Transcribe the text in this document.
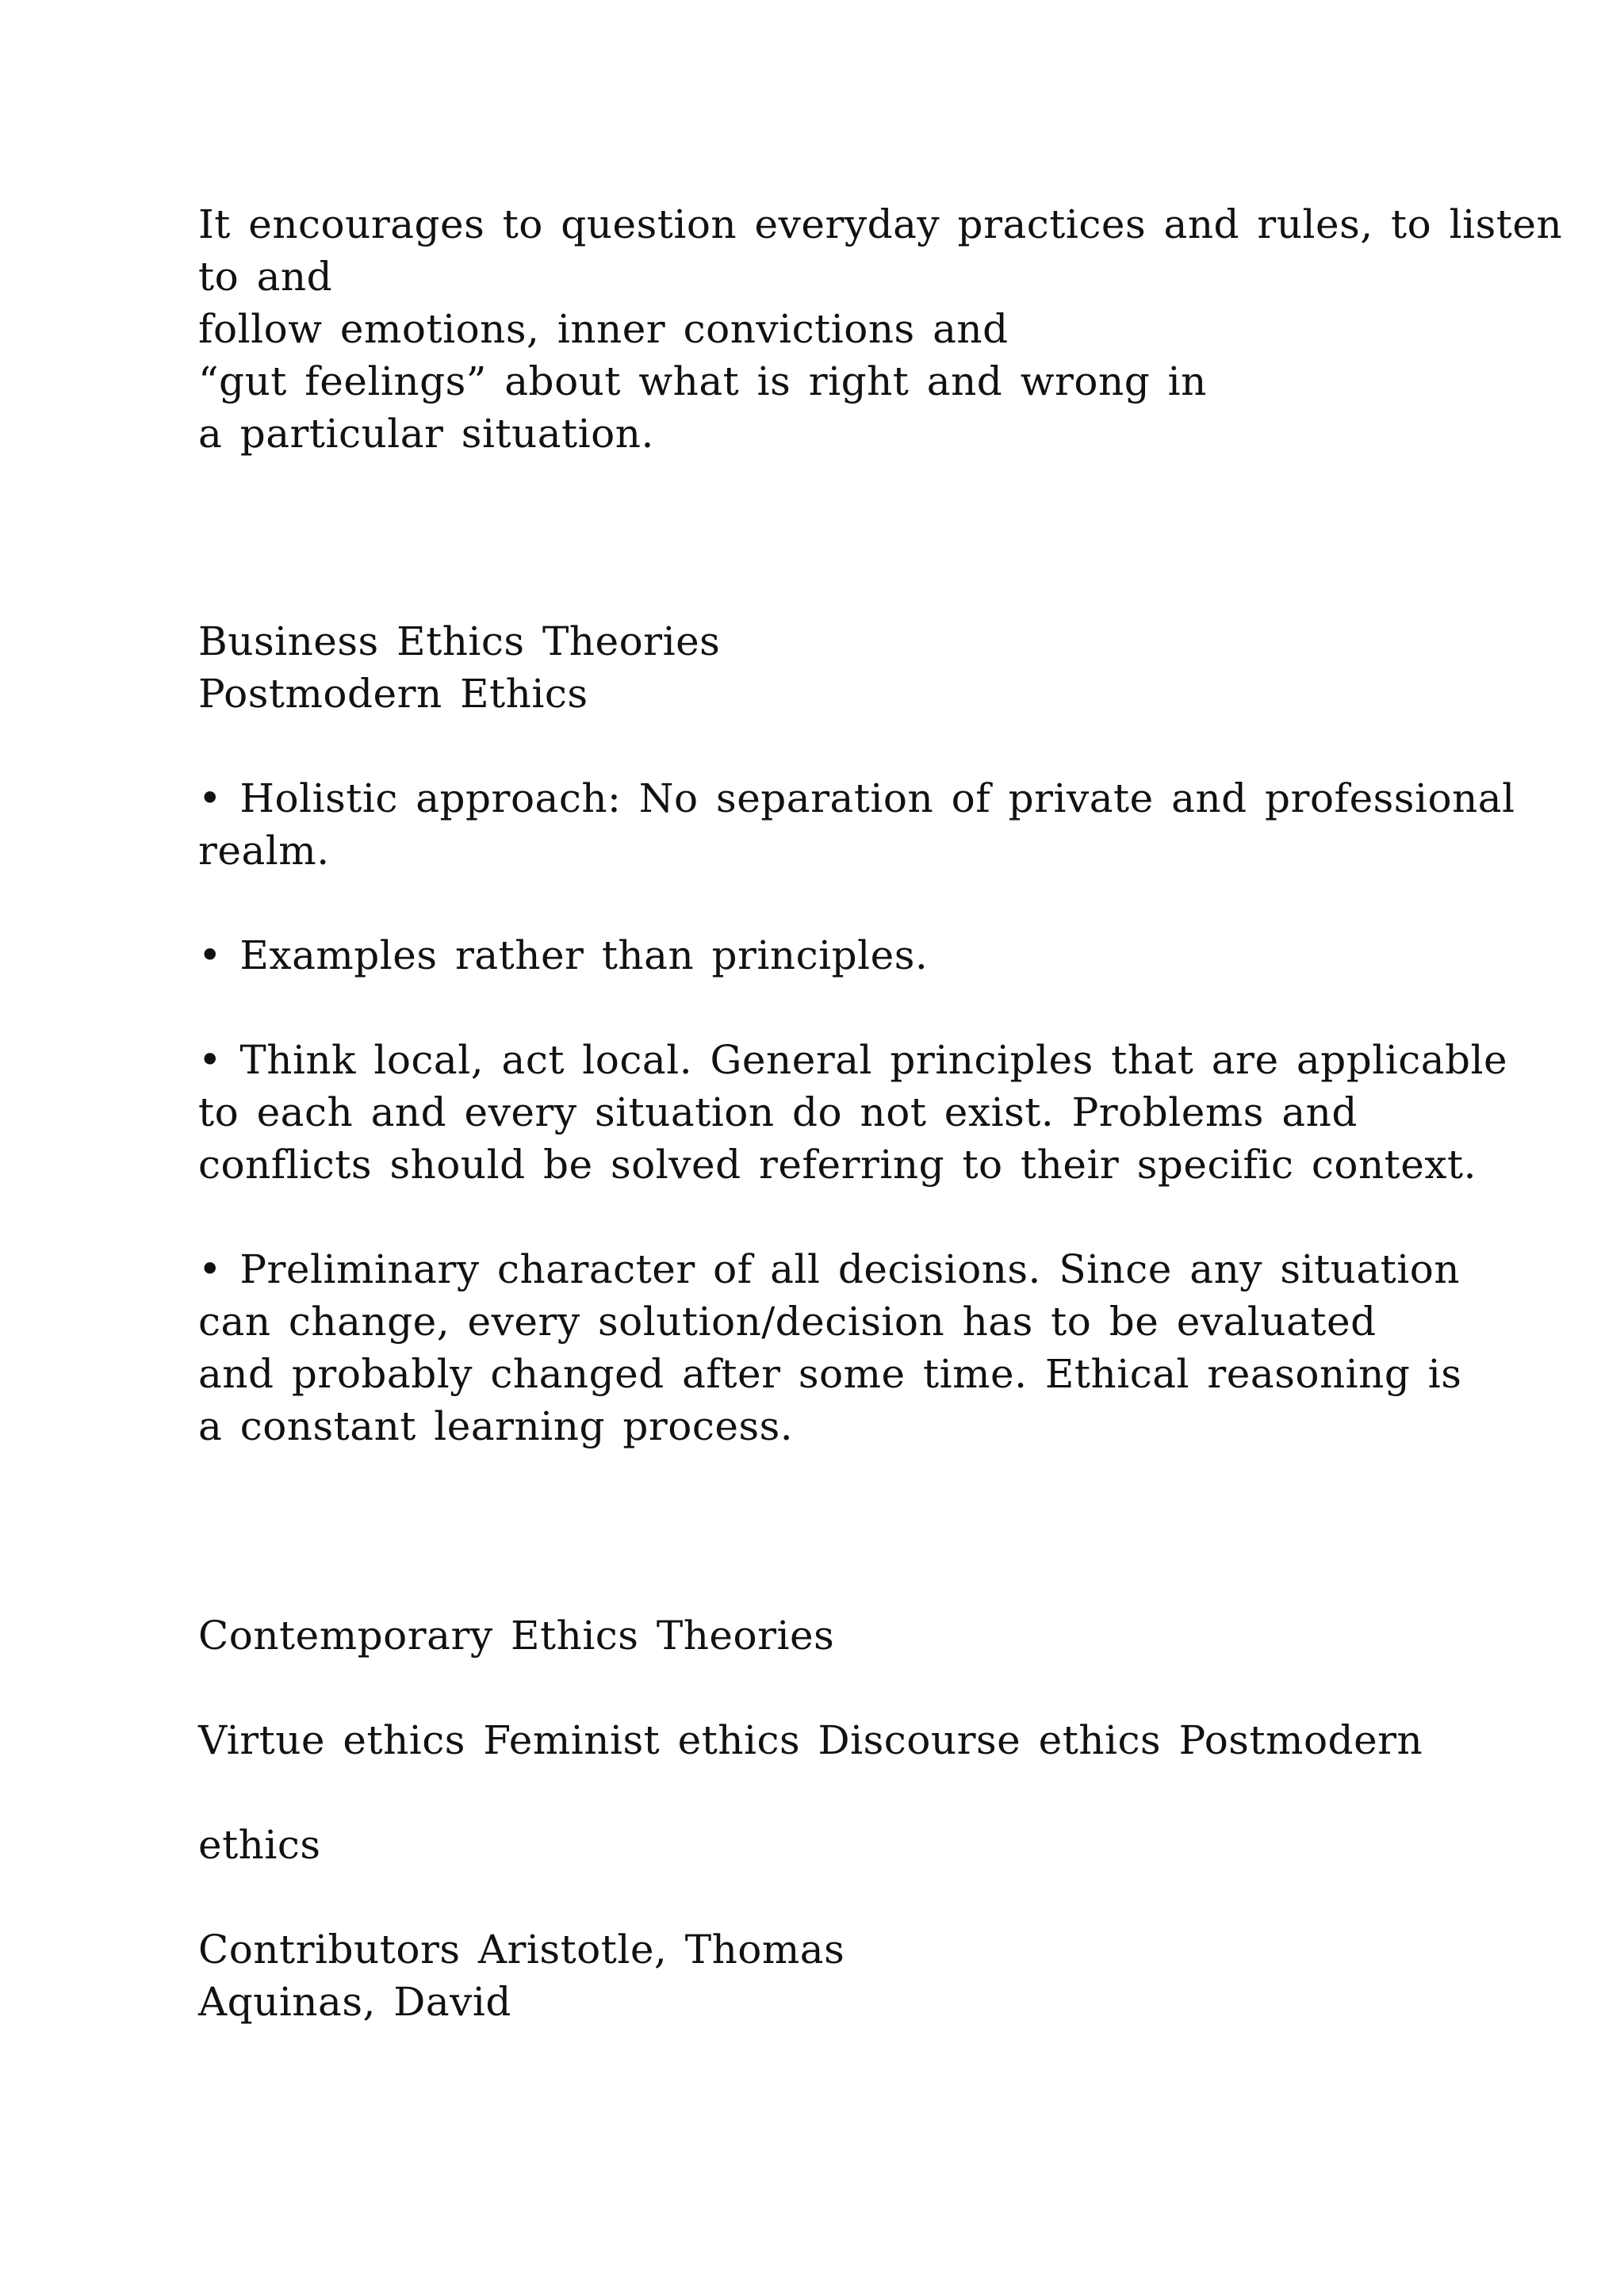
It encourages to question everyday practices and rules, to listen
to and
follow emotions, inner convictions and
“gut feelings” about what is right and wrong in
a particular situation.
Business Ethics Theories
Postmodern Ethics
• Holistic approach: No separation of private and professional
realm.
• Examples rather than principles.
• Think local, act local. General principles that are applicable
to each and every situation do not exist. Problems and
conflicts should be solved referring to their specific context.
• Preliminary character of all decisions. Since any situation
can change, every solution/decision has to be evaluated
and probably changed after some time. Ethical reasoning is
a constant learning process.
Contemporary Ethics Theories
Virtue ethics Feminist ethics Discourse ethics Postmodern
ethics
Contributors Aristotle, Thomas
Aquinas, David
